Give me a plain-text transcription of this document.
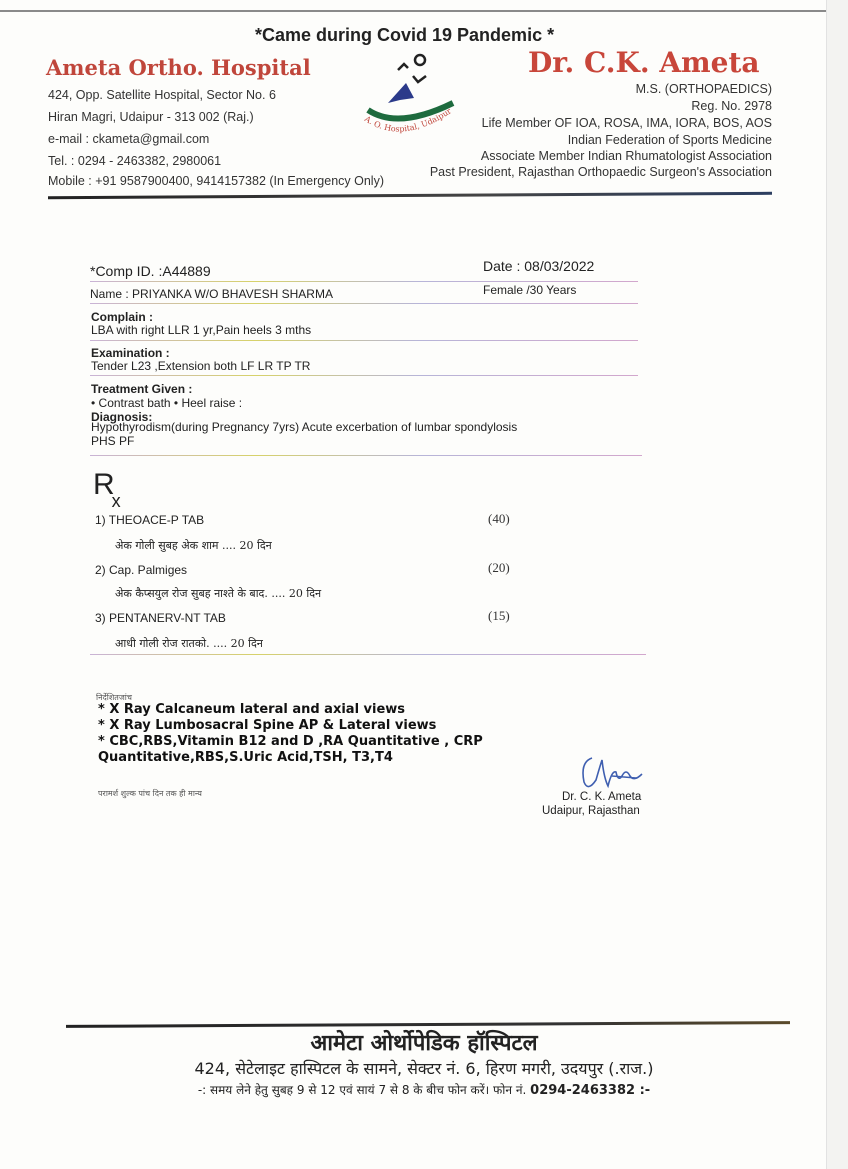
*Came during Covid 19 Pandemic *
Ameta Ortho. Hospital
424, Opp. Satellite Hospital, Sector No. 6
Hiran Magri, Udaipur - 313 002 (Raj.)
e-mail : ckameta@gmail.com
Tel. : 0294 - 2463382, 2980061
Mobile : +91 9587900400, 9414157382 (In Emergency Only)
A. O. Hospital, Udaipur
Dr. C.K. Ameta
M.S. (ORTHOPAEDICS)
Reg. No. 2978
Life Member OF IOA, ROSA, IMA, IORA, BOS, AOS
Indian Federation of Sports Medicine
Associate Member Indian Rhumatologist Association
Past President, Rajasthan Orthopaedic Surgeon's Association
*Comp ID. :A44889	Date : 08/03/2022
Name : PRIYANKA W/O BHAVESH SHARMA	Female /30 Years
Complain :
LBA with right LLR 1 yr,Pain heels 3 mths
Examination :
Tender L23 ,Extension both LF LR TP TR
Treatment Given :
• Contrast bath • Heel raise :
Diagnosis:
Hypothyrodism(during Pregnancy 7yrs) Acute excerbation of lumbar spondylosis
PHS PF
$R_x$
1) THEOACE-P TAB	(40)
अेक गोली सुबह अेक शाम .... 20 दिन
2) Cap. Palmiges	(20)
अेक कैप्सयुल रोज सुबह नाश्ते के बाद. .... 20 दिन
3) PENTANERV-NT TAB	(15)
आधी गोली रोज रातको. .... 20 दिन
निर्देशितजांच
* X Ray Calcaneum lateral and axial views
* X Ray Lumbosacral Spine AP & Lateral views
* CBC,RBS,Vitamin B12 and D ,RA Quantitative , CRP
Quantitative,RBS,S.Uric Acid,TSH, T3,T4
परामर्श शुल्क पांच दिन तक ही मान्य	Dr. C. K. Ameta
Udaipur, Rajasthan
आमेटा ओर्थोपेडिक हॉस्पिटल
424, सेटेलाइट हास्पिटल के सामने, सेक्टर नं. 6, हिरण मगरी, उदयपुर (.राज.)
-: समय लेने हेतु सुबह 9 से 12 एवं सायं 7 से 8 के बीच फोन करें। फोन नं. 0294-2463382 :-
